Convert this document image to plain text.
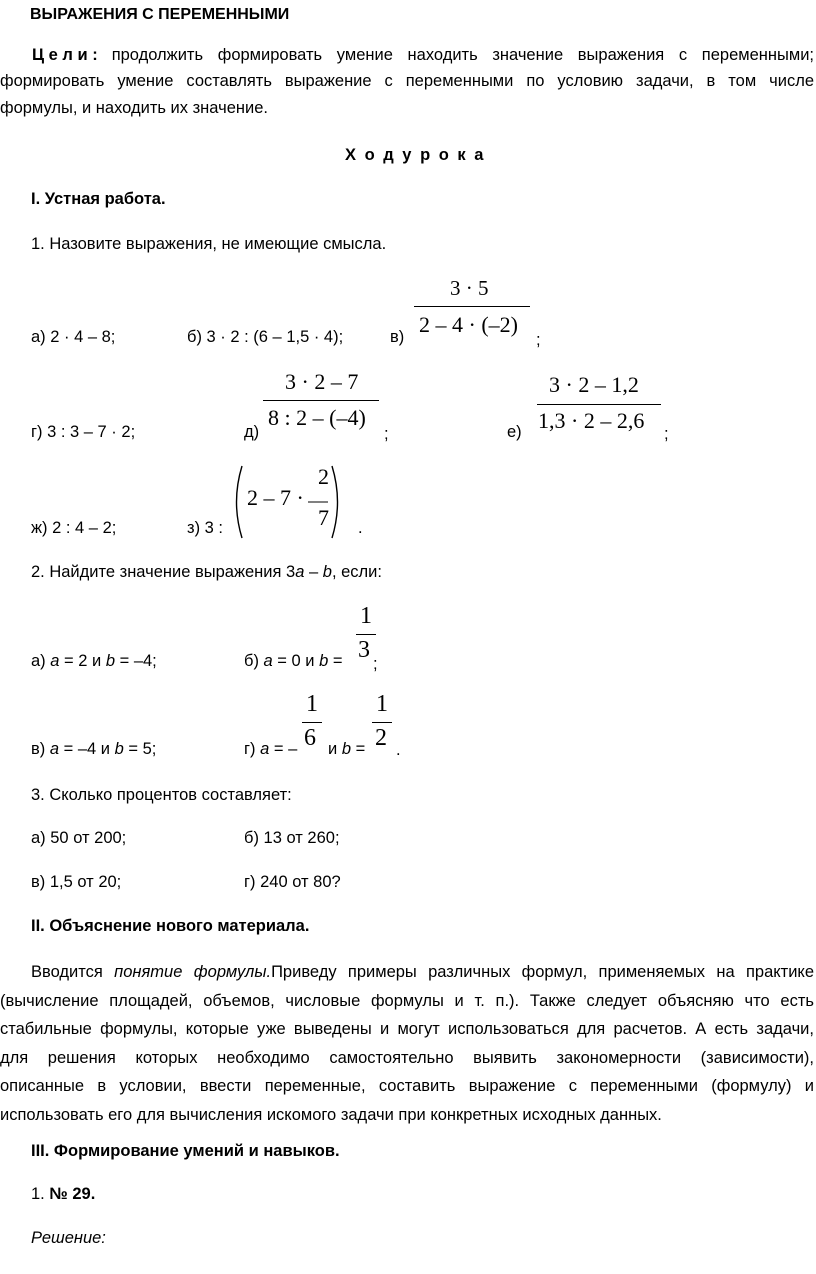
ВЫРАЖЕНИЯ С ПЕРЕМЕННЫМИ
Ц е л и : продолжить формировать умение находить значение выражения с переменными;
формировать умение составлять выражение с переменными по условию задачи, в том числе
формулы, и находить их значение.
Х о д у р о к а
I. Устная работа.
1. Назовите выражения, не имеющие смысла.
а) 2 · 4 – 8;	б) 3 · 2 : (6 – 1,5 · 4);	в)
3 · 5
2 – 4 · (–2)
;
г) 3 : 3 – 7 · 2;	д)
3 · 2 – 7
8 : 2 – (–4)
;	е)
3 · 2 – 1,2
1,3 · 2 – 2,6
;
ж) 2 : 4 – 2;	з) 3 :
2 – 7 ·
2
7 .
2. Найдите значение выражения 3a – b, если:
а) a = 2 и b = –4;	б) a = 0 и b =
1
3
;
в) a = –4 и b = 5;	г) a = –
1
6 и b =
1
2 .
3. Сколько процентов составляет:
а) 50 от 200;	б) 13 от 260;
в) 1,5 от 20;	г) 240 от 80?
II. Объяснение нового материала.
Вводится понятие формулы.Приведу примеры различных формул, применяемых на практике
(вычисление площадей, объемов, числовые формулы и т. п.). Также следует объясняю что есть
стабильные формулы, которые уже выведены и могут использоваться для расчетов. А есть задачи,
для решения которых необходимо самостоятельно выявить закономерности (зависимости),
описанные в условии, ввести переменные, составить выражение с переменными (формулу) и
использовать его для вычисления искомого задачи при конкретных исходных данных.
III. Формирование умений и навыков.
1. № 29.
Решение:
